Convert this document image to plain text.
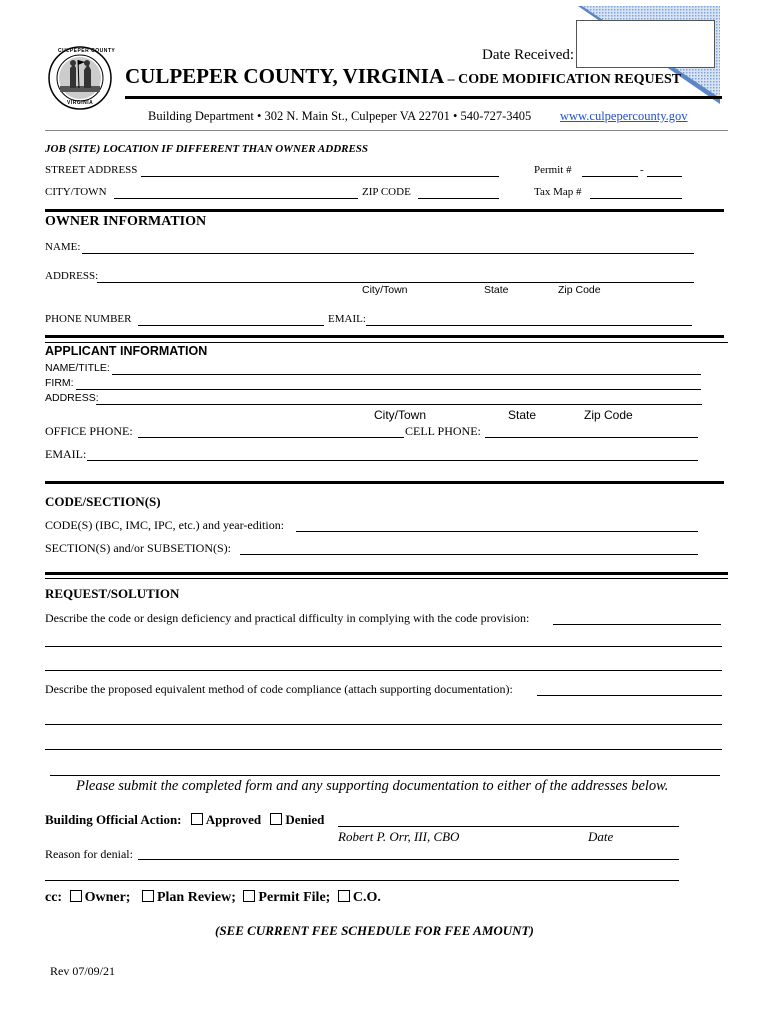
Date Received:
CULPEPER COUNTY
VIRGINIA
CULPEPER COUNTY, VIRGINIA – CODE MODIFICATION REQUEST
Building Department • 302 N. Main St., Culpeper VA 22701 • 540-727-3405 www.culpepercounty.gov
JOB (SITE) LOCATION IF DIFFERENT THAN OWNER ADDRESS
STREET ADDRESS	Permit #	-
CITY/TOWN	ZIP CODE	Tax Map #
OWNER INFORMATION
NAME:
ADDRESS:
City/Town	State	Zip Code
PHONE NUMBER	EMAIL:
APPLICANT INFORMATION
NAME/TITLE:
FIRM:
ADDRESS:
City/Town	State	Zip Code
OFFICE PHONE:	CELL PHONE:
EMAIL:
CODE/SECTION(S)
CODE(S) (IBC, IMC, IPC, etc.) and year-edition:
SECTION(S) and/or SUBSETION(S):
REQUEST/SOLUTION
Describe the code or design deficiency and practical difficulty in complying with the code provision:
Describe the proposed equivalent method of code compliance (attach supporting documentation):
Please submit the completed form and any supporting documentation to either of the addresses below.
Building Official Action: Approved Denied
Robert P. Orr, III, CBO	Date
Reason for denial:
cc: Owner; Plan Review; Permit File; C.O.
(SEE CURRENT FEE SCHEDULE FOR FEE AMOUNT)
Rev 07/09/21
